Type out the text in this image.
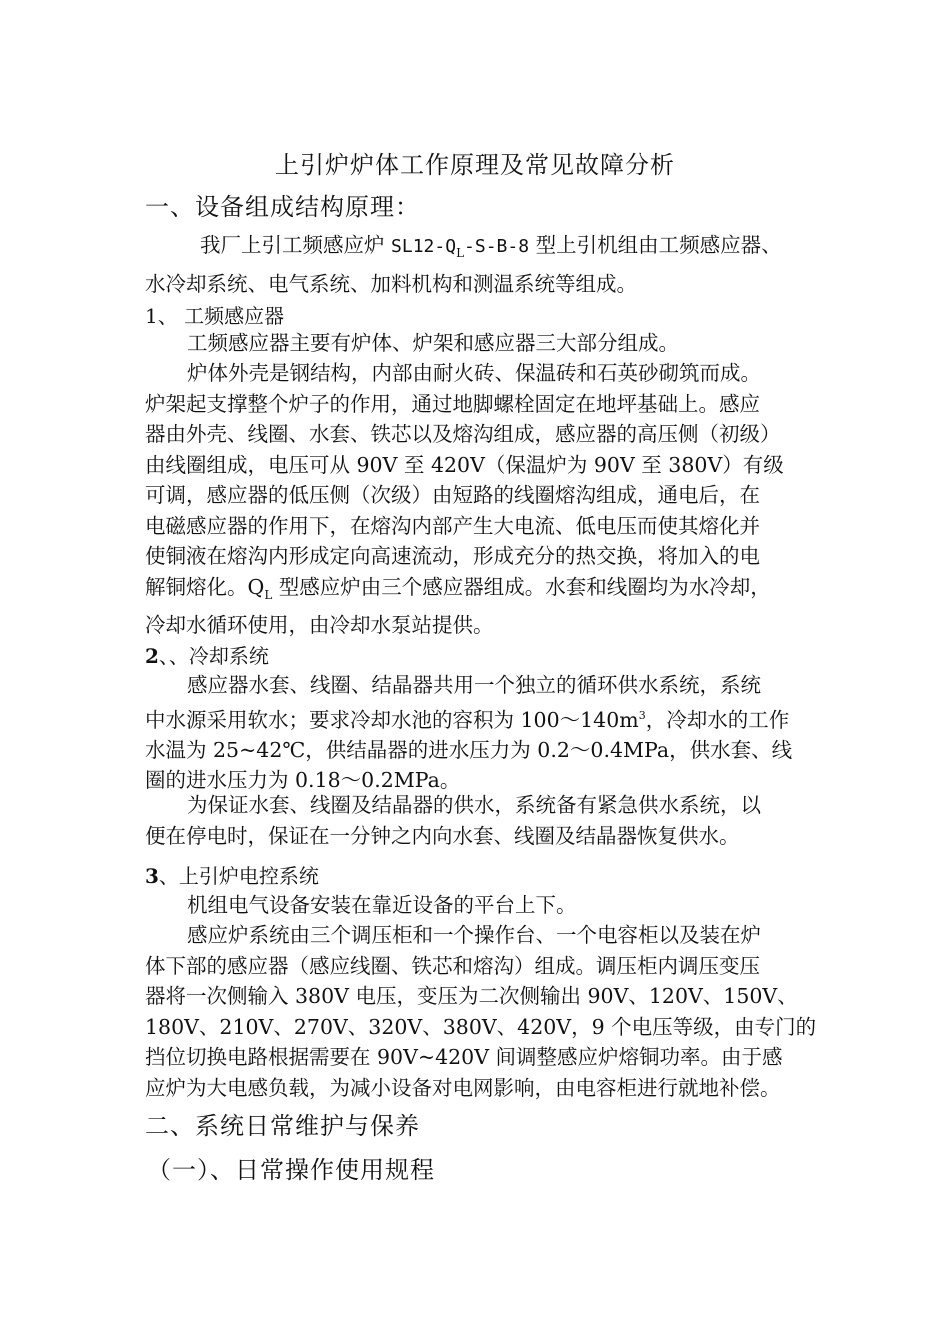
上引炉炉体工作原理及常见故障分析
一、设备组成结构原理：
我厂上引工频感应炉 $SL12-Q_L-S-B-8$ 型上引机组由工频感应器、
水冷却系统、电气系统、加料机构和测温系统等组成。
1、 工频感应器
工频感应器主要有炉体、炉架和感应器三大部分组成。
炉体外壳是钢结构，内部由耐火砖、保温砖和石英砂砌筑而成。
炉架起支撑整个炉子的作用，通过地脚螺栓固定在地坪基础上。感应
器由外壳、线圈、水套、铁芯以及熔沟组成，感应器的高压侧（初级）
由线圈组成，电压可从 90V 至 420V（保温炉为 90V 至 380V）有级
可调，感应器的低压侧（次级）由短路的线圈熔沟组成，通电后，在
电磁感应器的作用下，在熔沟内部产生大电流、低电压而使其熔化并
使铜液在熔沟内形成定向高速流动，形成充分的热交换，将加入的电
解铜熔化。$Q_L$ 型感应炉由三个感应器组成。水套和线圈均为水冷却，
冷却水循环使用，由冷却水泵站提供。
2、、冷却系统
感应器水套、线圈、结晶器共用一个独立的循环供水系统，系统
中水源采用软水；要求冷却水池的容积为 $100\sim 140m^3$，冷却水的工作
水温为 25~42℃，供结晶器的进水压力为 0.2～0.4MPa，供水套、线
圈的进水压力为 0.18～0.2MPa。
为保证水套、线圈及结晶器的供水，系统备有紧急供水系统，以
便在停电时，保证在一分钟之内向水套、线圈及结晶器恢复供水。
3、上引炉电控系统
机组电气设备安装在靠近设备的平台上下。
感应炉系统由三个调压柜和一个操作台、一个电容柜以及装在炉
体下部的感应器（感应线圈、铁芯和熔沟）组成。调压柜内调压变压
器将一次侧输入 380V 电压，变压为二次侧输出 90V、120V、150V、
180V、210V、270V、320V、380V、420V，9 个电压等级，由专门的
挡位切换电路根据需要在 90V~420V 间调整感应炉熔铜功率。由于感
应炉为大电感负载，为减小设备对电网影响，由电容柜进行就地补偿。
二、系统日常维护与保养
（一）、日常操作使用规程
